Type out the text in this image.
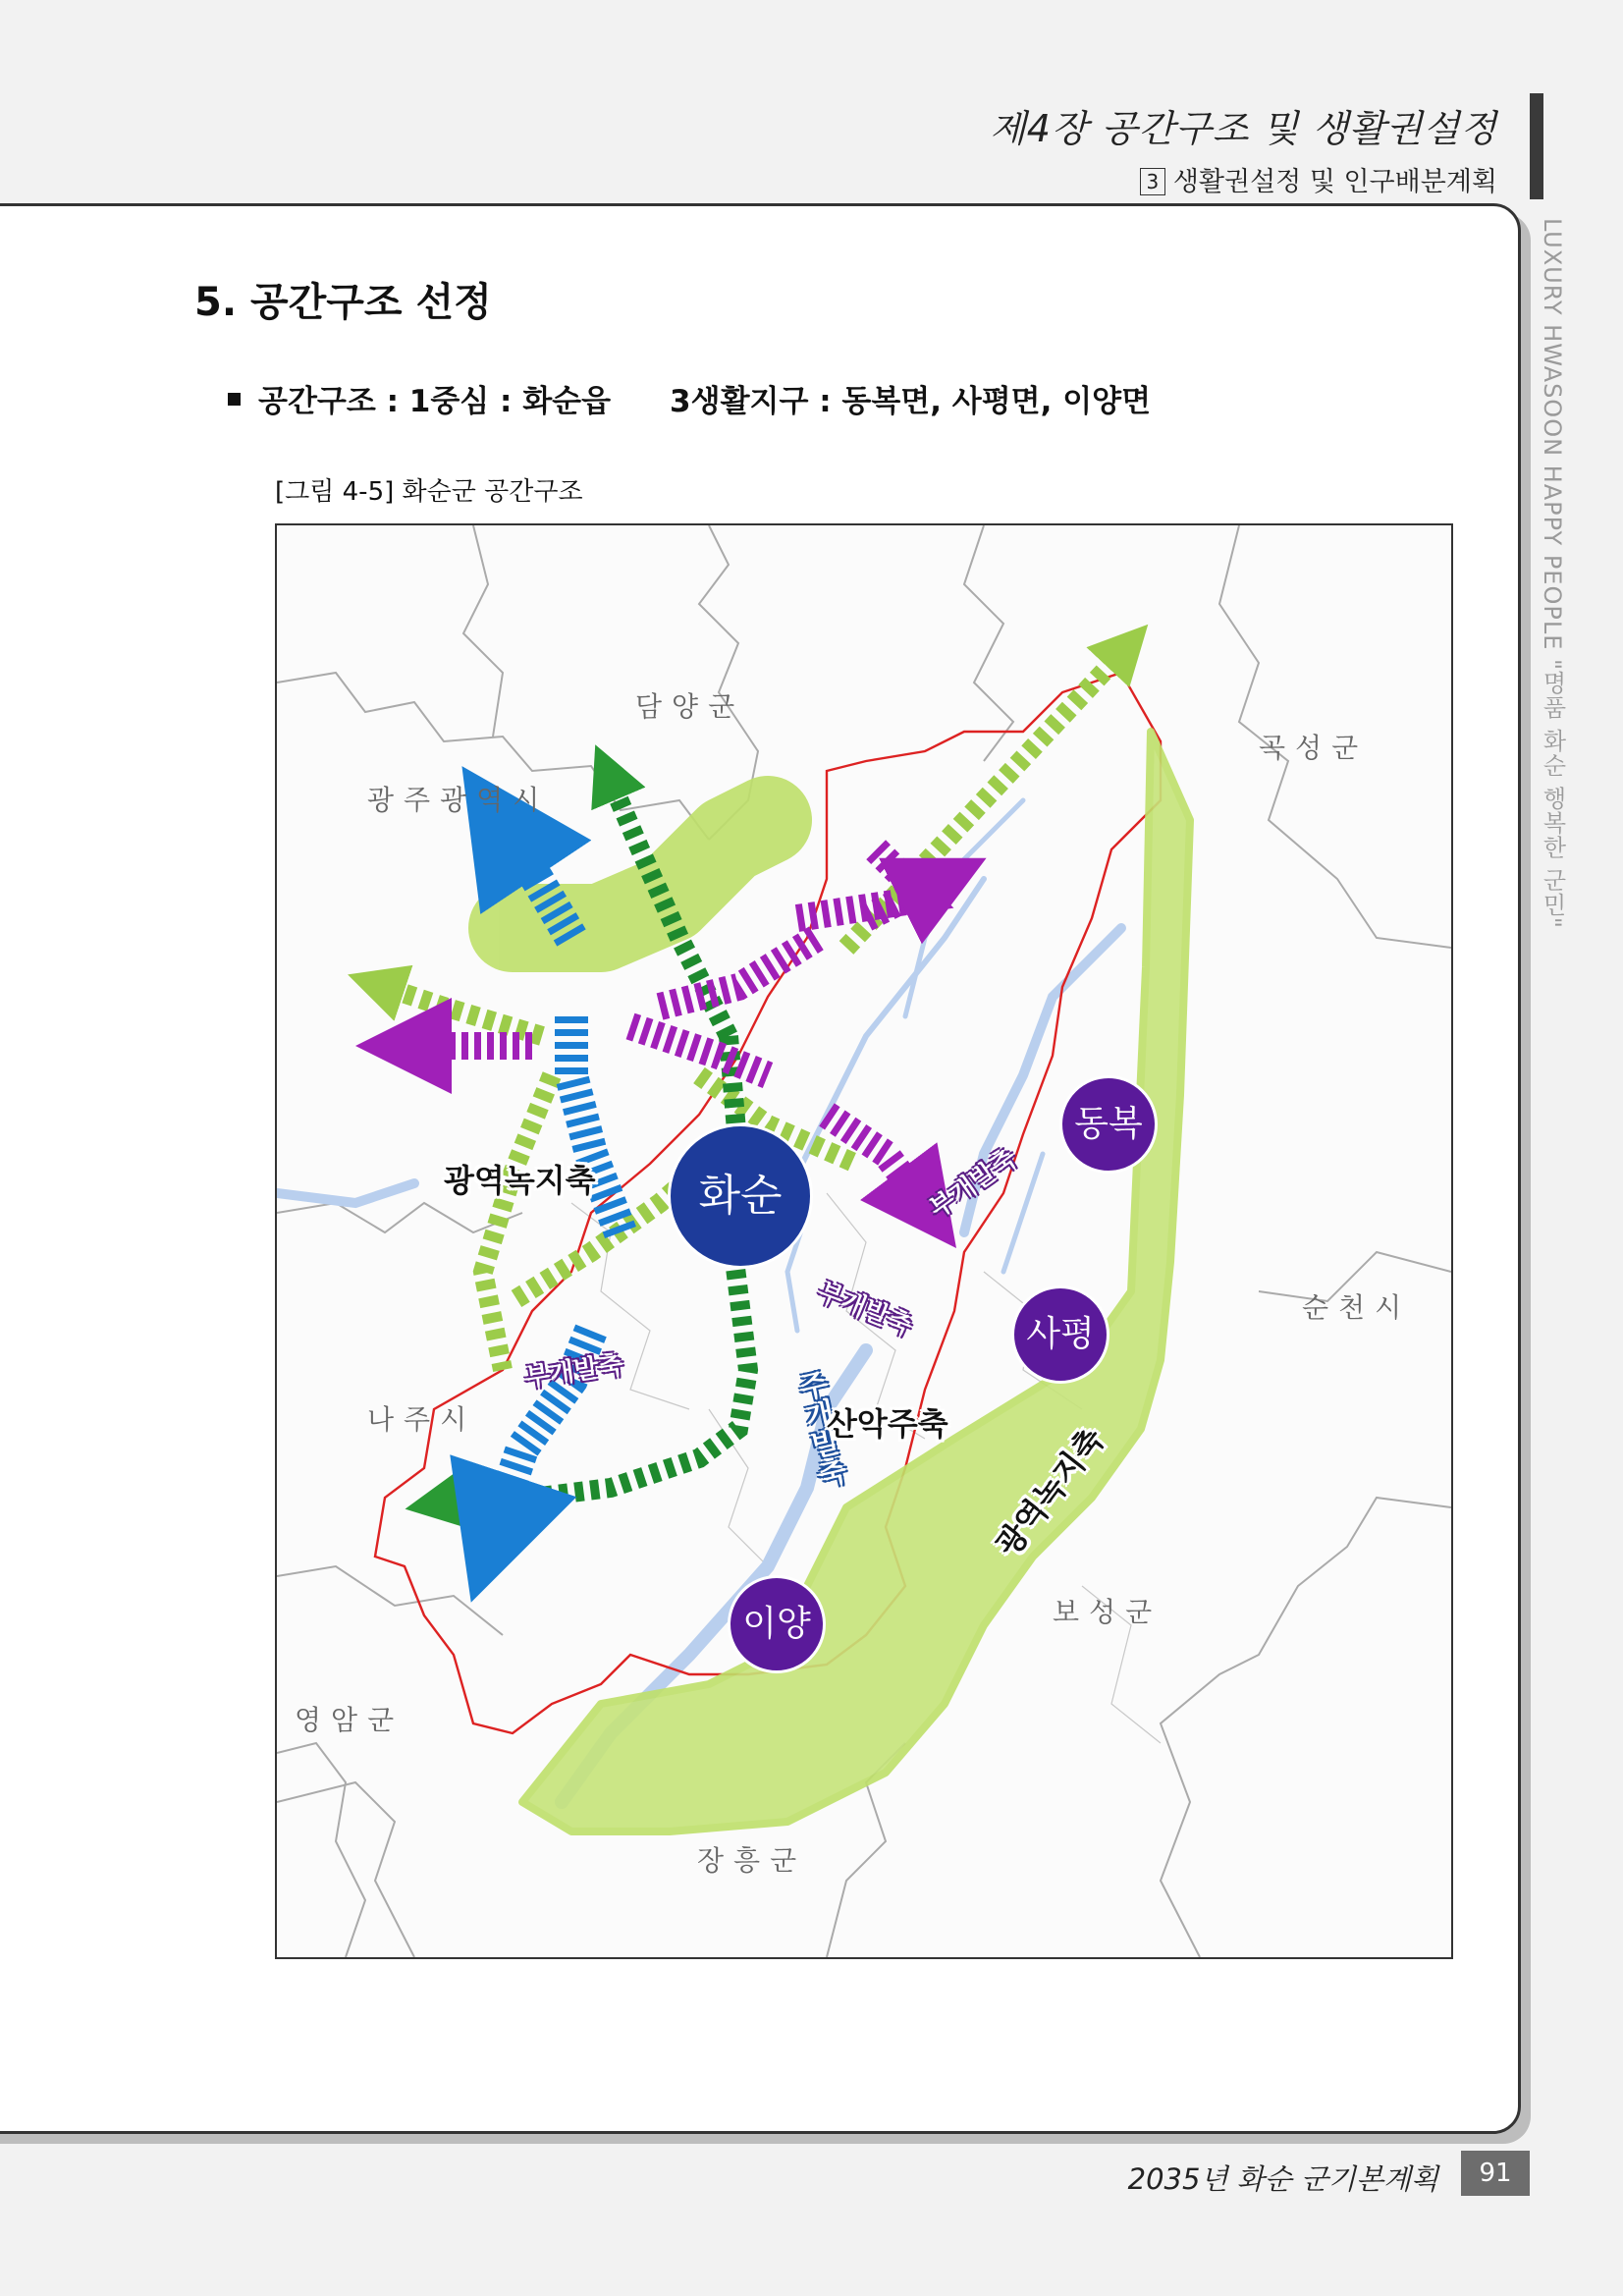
제4장 공간구조 및 생활권설정
3 생활권설정 및 인구배분계획
LUXURY HWASOON HAPPY PEOPLE "명품 화순 행복한 군민"
5. 공간구조 선정
공간구조 : 1중심 : 화순읍 3생활지구 : 동복면, 사평면, 이양면
[그림 4-5] 화순군 공간구조
담양군
곡성군
광주광역시
순천시
나주시
보성군
영암군
장흥군
화순
동복
사평
이양
광역녹지축
광역녹지축
부개발축
부개발축
부개발축	주개발축
산악주축
2035년 화순 군기본계획	91
